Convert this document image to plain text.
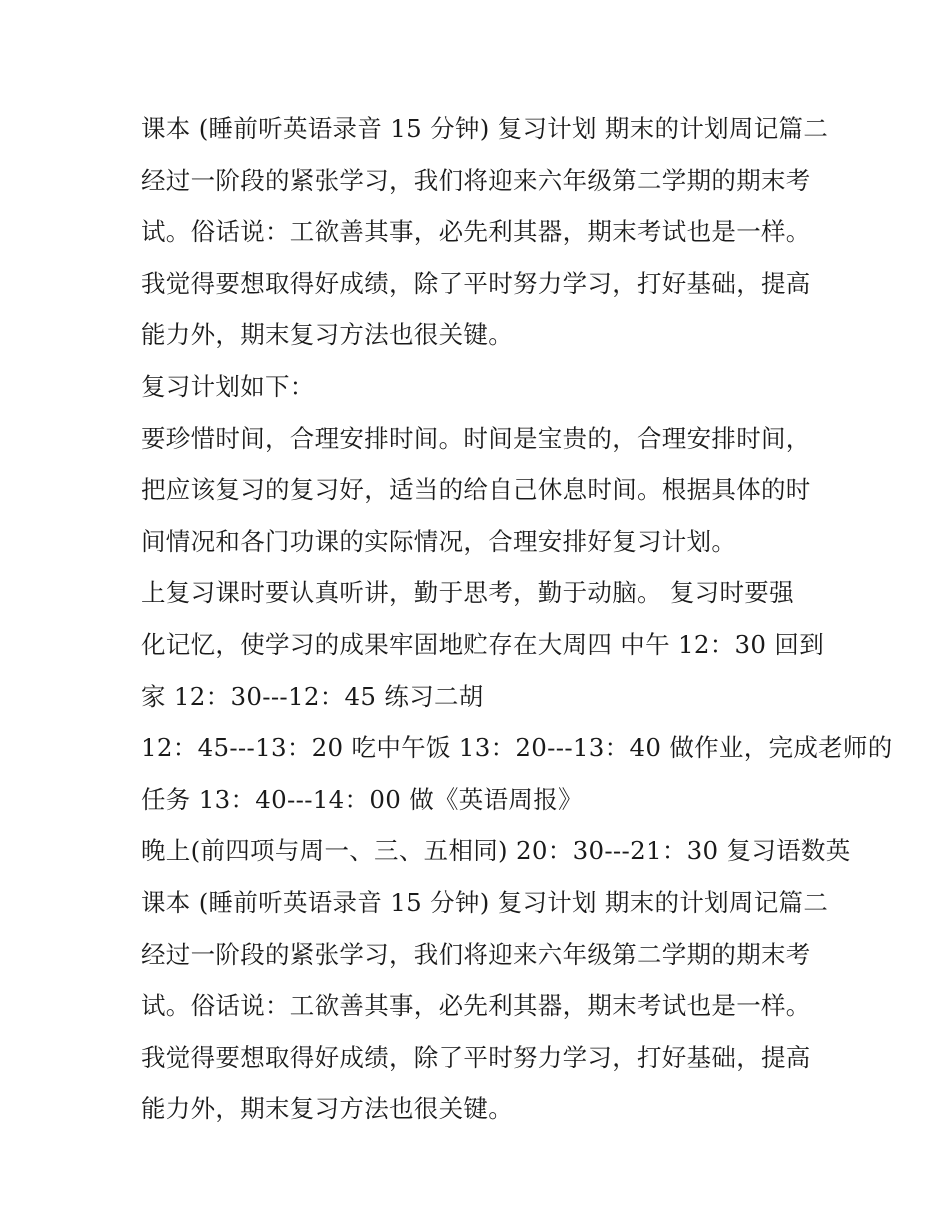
课本 (睡前听英语录音 15 分钟) 复习计划 期末的计划周记篇二
经过一阶段的紧张学习，我们将迎来六年级第二学期的期末考
试。俗话说：工欲善其事，必先利其器，期末考试也是一样。
我觉得要想取得好成绩，除了平时努力学习，打好基础，提高
能力外，期末复习方法也很关键。
复习计划如下：
要珍惜时间，合理安排时间。时间是宝贵的，合理安排时间，
把应该复习的复习好，适当的给自己休息时间。根据具体的时
间情况和各门功课的实际情况，合理安排好复习计划。
上复习课时要认真听讲，勤于思考，勤于动脑。 复习时要强
化记忆，使学习的成果牢固地贮存在大周四 中午 12：30 回到
家 12：30---12：45 练习二胡
12：45---13：20 吃中午饭 13：20---13：40 做作业，完成老师的
任务 13：40---14：00 做《英语周报》
晚上(前四项与周一、三、五相同) 20：30---21：30 复习语数英
课本 (睡前听英语录音 15 分钟) 复习计划 期末的计划周记篇二
经过一阶段的紧张学习，我们将迎来六年级第二学期的期末考
试。俗话说：工欲善其事，必先利其器，期末考试也是一样。
我觉得要想取得好成绩，除了平时努力学习，打好基础，提高
能力外，期末复习方法也很关键。
